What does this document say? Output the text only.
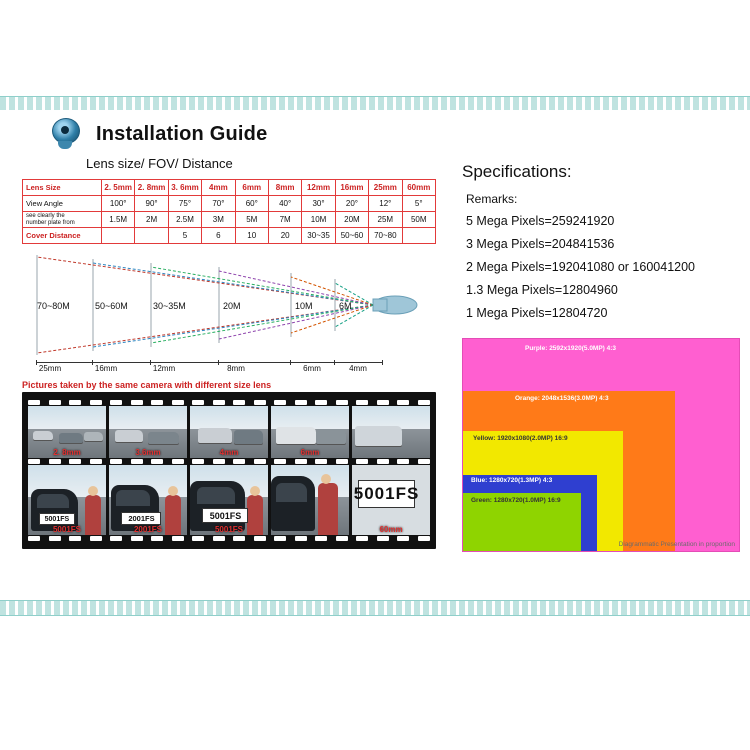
Installation Guide
Lens size/ FOV/ Distance
Lens Size	2. 5mm	2. 8mm	3. 6mm	4mm	6mm	8mm	12mm	16mm	25mm	60mm
View Angle	100°	90°	75°	70°	60°	40°	30°	20°	12°	5°

see clearly the
number plate from	1.5M	2M	2.5M	3M	5M	7M	10M	20M	25M	50M
Cover Distance			5	6	10	20	30~35	50~60	70~80	
70~80M	50~60M	30~35M	20M	10M	6M
25mm	16mm	12mm	8mm	6mm	4mm
Pictures taken by the same camera with different size lens
2. 8mm	3.6mm	4mm	6mm
5001FS
5001FS
2001FS
2001FS
5001FS
5001FS
5001FS
60mm
Specifications:
Remarks:
5 Mega Pixels=259241920
3 Mega Pixels=204841536
2 Mega Pixels=192041080 or 160041200
1.3 Mega Pixels=12804960
1 Mega Pixels=12804720
Purple: 2592x1920(5.0MP) 4:3
Orange: 2048x1536(3.0MP) 4:3
Yellow: 1920x1080(2.0MP) 16:9
Blue: 1280x720(1.3MP) 4:3
Green: 1280x720(1.0MP) 16:9
Diagrammatic Presentation in proportion
